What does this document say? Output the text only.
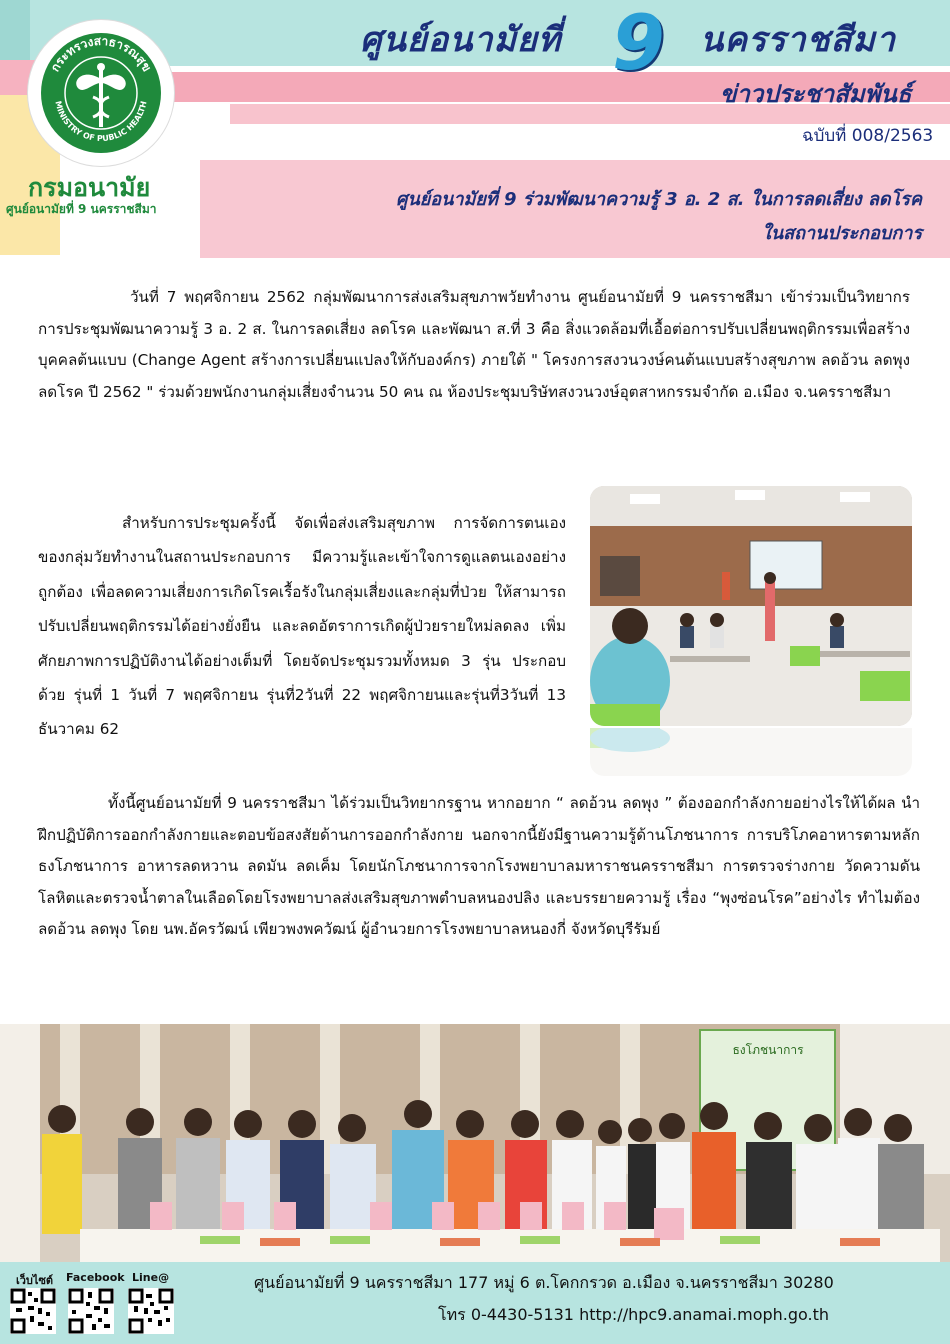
ศูนย์อนามัยที่ 9 นครราชสีมา
ข่าวประชาสัมพันธ์
ฉบับที่ 008/2563
กระทรวงสาธารณสุข
MINISTRY OF PUBLIC HEALTH
กรมอนามัย
ศูนย์อนามัยที่ 9 นครราชสีมา	ศูนย์อนามัยที่ 9 ร่วมพัฒนาความรู้ 3 อ. 2 ส. ในการลดเสี่ยง ลดโรค
ในสถานประกอบการ
วันที่ 7 พฤศจิกายน 2562 กลุ่มพัฒนาการส่งเสริมสุขภาพวัยทำงาน ศูนย์อนามัยที่ 9 นครราชสีมา เข้าร่วมเป็นวิทยากร การประชุมพัฒนาความรู้ 3 อ. 2 ส. ในการลดเสี่ยง ลดโรค และพัฒนา ส.ที่ 3 คือ สิ่งแวดล้อมที่เอื้อต่อการปรับเปลี่ยนพฤติกรรมเพื่อสร้างบุคคลต้นแบบ (Change Agent สร้างการเปลี่ยนแปลงให้กับองค์กร) ภายใต้ " โครงการสงวนวงษ์คนต้นแบบสร้างสุขภาพ ลดอ้วน ลดพุง ลดโรค ปี 2562 " ร่วมด้วยพนักงานกลุ่มเสี่ยงจำนวน 50 คน ณ ห้องประชุมบริษัทสงวนวงษ์อุตสาหกรรมจำกัด อ.เมือง จ.นครราชสีมา
สำหรับการประชุมครั้งนี้ จัดเพื่อส่งเสริมสุขภาพ การจัดการตนเอง ของกลุ่มวัยทำงานในสถานประกอบการ มีความรู้และเข้าใจการดูแลตนเองอย่างถูกต้อง เพื่อลดความเสี่ยงการเกิดโรคเรื้อรังในกลุ่มเสี่ยงและกลุ่มที่ป่วย ให้สามารถปรับเปลี่ยนพฤติกรรมได้อย่างยั่งยืน และลดอัตราการเกิดผู้ป่วยรายใหม่ลดลง เพิ่มศักยภาพการปฏิบัติงานได้อย่างเต็มที่ โดยจัดประชุมรวมทั้งหมด 3 รุ่น ประกอบด้วย รุ่นที่ 1 วันที่ 7 พฤศจิกายน รุ่นที่2วันที่ 22 พฤศจิกายนและรุ่นที่3วันที่ 13 ธันวาคม 62
ทั้งนี้ศูนย์อนามัยที่ 9 นครราชสีมา ได้ร่วมเป็นวิทยากรฐาน หากอยาก “ ลดอ้วน ลดพุง ” ต้องออกกำลังกายอย่างไรให้ได้ผล นำฝึกปฏิบัติการออกกำลังกายและตอบข้อสงสัยด้านการออกกำลังกาย นอกจากนี้ยังมีฐานความรู้ด้านโภชนาการ การบริโภคอาหารตามหลักธงโภชนาการ อาหารลดหวาน ลดมัน ลดเค็ม โดยนักโภชนาการจากโรงพยาบาลมหาราชนครราชสีมา การตรวจร่างกาย วัดความดันโลหิตและตรวจน้ำตาลในเลือดโดยโรงพยาบาลส่งเสริมสุขภาพตำบลหนองปลิง และบรรยายความรู้ เรื่อง “พุงซ่อนโรค”อย่างไร ทำไมต้องลดอ้วน ลดพุง โดย นพ.อัครวัฒน์ เพียวพงพควัฒน์ ผู้อำนวยการโรงพยาบาลหนองกี่ จังหวัดบุรีรัมย์
ธงโภชนาการ
เว็บไซต์ Facebook Line@	ศูนย์อนามัยที่ 9 นครราชสีมา 177 หมู่ 6 ต.โคกกรวด อ.เมือง จ.นครราชสีมา 30280
โทร 0-4430-5131 http://hpc9.anamai.moph.go.th
